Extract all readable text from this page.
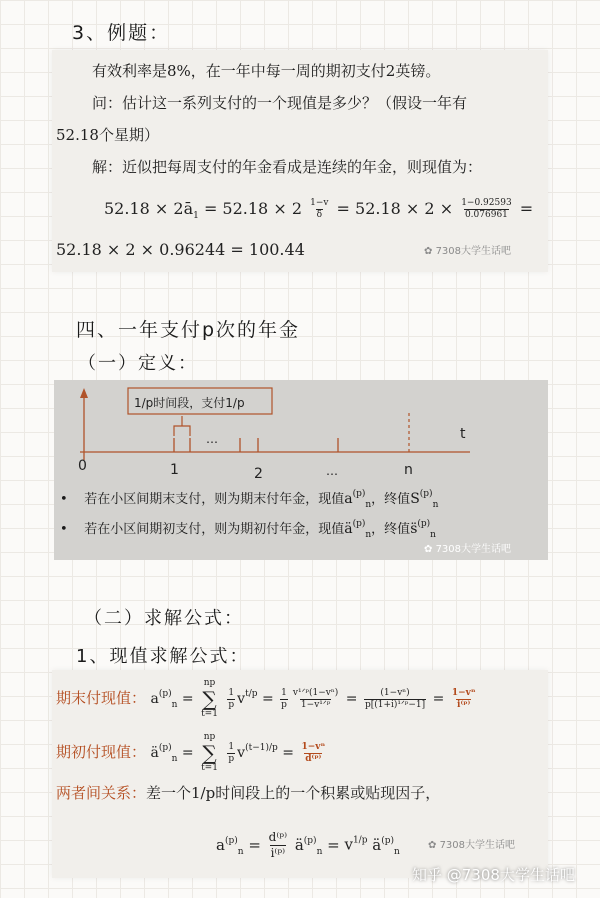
3、例题：
有效利率是8%，在一年中每一周的期初支付2英镑。
问：估计这一系列支付的一个现值是多少？（假设一年有
52.18个星期）
解：近似把每周支付的年金看成是连续的年金，则现值为：
$52.18 \times 2ā_1 = 52.18 \times 2 \frac{1-v}{\delta} = 52.18 \times 2 \times \frac{1-0.92593}{0.076961}$ =
52.18 × 2 × 0.96244 = 100.44	✿ 7308大学生话吧
四、一年支付p次的年金
（一）定义：
1/p时间段，支付1/p
t
0	1
…
2	…	n
•    若在小区间期末支付，则为期末付年金，现值$a^{(p)}_n$，终值$S^{(p)}_n$
•    若在小区间期初支付，则为期初付年金，现值$ä^{(p)}_n$，终值s̈$^{(p)}_n$
✿ 7308大学生话吧
（二）求解公式：
1、现值求解公式：
期末付现值： $a^{(p)}_n$ =
np
∑
t=1

$\frac{1}{p} v^{t/p} = \frac{1}{p} \frac{\text{v¹ᐟᵖ(1−vⁿ)}}{\text{1−v¹ᐟᵖ}} = \frac{\text{(1−vⁿ)}}{\text{p[(1+i)¹ᐟᵖ−1]}} = \frac{\text{1−vⁿ}}{\text{i⁽ᵖ⁾}}$
期初付现值： $ä^{(p)}_n$ =
np
∑
t=1

$\frac{1}{p} v^{(t-1)/p} = \frac{\text{1−vⁿ}}{\text{d⁽ᵖ⁾}}$
两者间关系：差一个1/p时间段上的一个积累或贴现因子，
$a^{(p)}_n = \frac{\text{d⁽ᵖ⁾}}{\text{i⁽ᵖ⁾}}$ $ä^{(p)}_n = v^{1/p}$ $ä^{(p)}_n$
✿ 7308大学生话吧
知乎 @7308大学生话吧
